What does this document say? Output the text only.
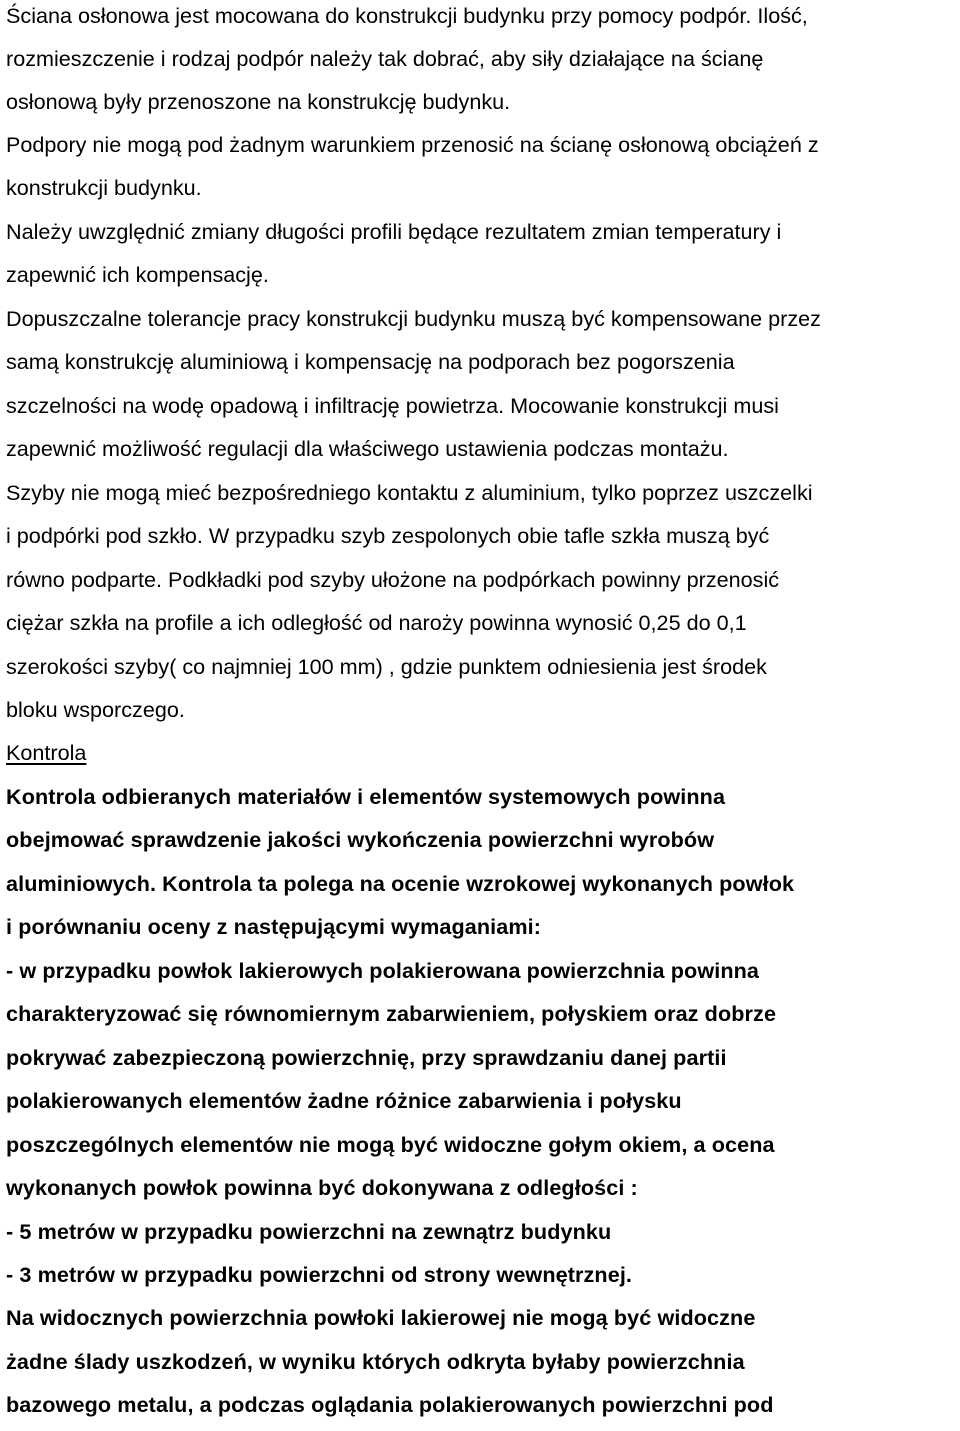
Ściana osłonowa jest mocowana do konstrukcji budynku przy pomocy podpór. Ilość,
rozmieszczenie i rodzaj podpór należy tak dobrać, aby siły działające na ścianę
osłonową były przenoszone na konstrukcję budynku.
Podpory nie mogą pod żadnym warunkiem przenosić na ścianę osłonową obciążeń z
konstrukcji budynku.
Należy uwzględnić zmiany długości profili będące rezultatem zmian temperatury i
zapewnić ich kompensację.
Dopuszczalne tolerancje pracy konstrukcji budynku muszą być kompensowane przez
samą konstrukcję aluminiową i kompensację na podporach bez pogorszenia
szczelności na wodę opadową i infiltrację powietrza. Mocowanie konstrukcji musi
zapewnić możliwość regulacji dla właściwego ustawienia podczas montażu.
Szyby nie mogą mieć bezpośredniego kontaktu z aluminium, tylko poprzez uszczelki
i podpórki pod szkło. W przypadku szyb zespolonych obie tafle szkła muszą być
równo podparte. Podkładki pod szyby ułożone na podpórkach powinny przenosić
ciężar szkła na profile a ich odległość od naroży powinna wynosić 0,25 do 0,1
szerokości szyby( co najmniej 100 mm) , gdzie punktem odniesienia jest środek
bloku wsporczego.
Kontrola
Kontrola odbieranych materiałów i elementów systemowych powinna
obejmować sprawdzenie jakości wykończenia powierzchni wyrobów
aluminiowych. Kontrola ta polega na ocenie wzrokowej wykonanych powłok
i porównaniu oceny z następującymi wymaganiami:
- w przypadku powłok lakierowych polakierowana powierzchnia powinna
charakteryzować się równomiernym zabarwieniem, połyskiem oraz dobrze
pokrywać zabezpieczoną powierzchnię, przy sprawdzaniu danej partii
polakierowanych elementów żadne różnice zabarwienia i połysku
poszczególnych elementów nie mogą być widoczne gołym okiem, a ocena
wykonanych powłok powinna być dokonywana z odległości :
- 5 metrów w przypadku powierzchni na zewnątrz budynku
- 3 metrów w przypadku powierzchni od strony wewnętrznej.
Na widocznych powierzchnia powłoki lakierowej nie mogą być widoczne
żadne ślady uszkodzeń, w wyniku których odkryta byłaby powierzchnia
bazowego metalu, a podczas oglądania polakierowanych powierzchni pod
